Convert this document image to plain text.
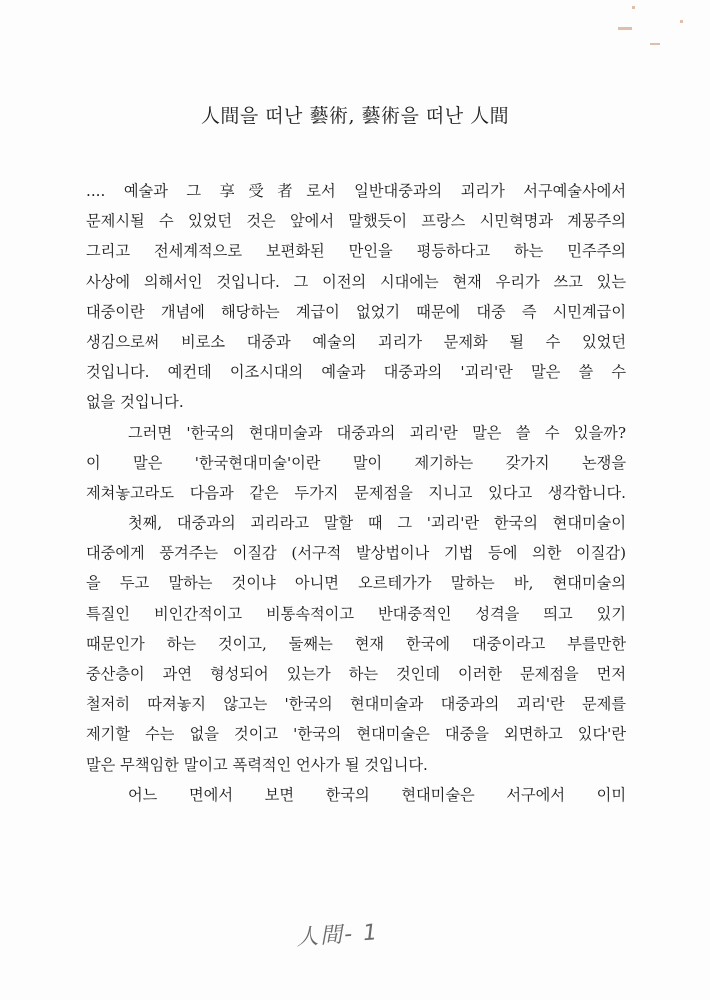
人間을 떠난 藝術, 藝術을 떠난 人間
.... 예술과 그 享受者로서 일반대중과의 괴리가 서구예술사에서
문제시될 수 있었던 것은 앞에서 말했듯이 프랑스 시민혁명과 계몽주의
그리고 전세계적으로 보편화된 만인을 평등하다고 하는 민주주의
사상에 의해서인 것입니다. 그 이전의 시대에는 현재 우리가 쓰고 있는
대중이란 개념에 해당하는 계급이 없었기 때문에 대중 즉 시민계급이
생김으로써 비로소 대중과 예술의 괴리가 문제화 될 수 있었던
것입니다. 예컨데 이조시대의 예술과 대중과의 '괴리'란 말은 쓸 수
없을 것입니다.
그러면 '한국의 현대미술과 대중과의 괴리'란 말은 쓸 수 있을까?
이 말은 '한국현대미술'이란 말이 제기하는 갖가지 논쟁을
제쳐놓고라도 다음과 같은 두가지 문제점을 지니고 있다고 생각합니다.
첫째, 대중과의 괴리라고 말할 때 그 '괴리'란 한국의 현대미술이
대중에게 풍겨주는 이질감 (서구적 발상법이나 기법 등에 의한 이질감)
을 두고 말하는 것이냐 아니면 오르테가가 말하는 바, 현대미술의
특질인 비인간적이고 비통속적이고 반대중적인 성격을 띄고 있기
때문인가 하는 것이고, 둘째는 현재 한국에 대중이라고 부를만한
중산층이 과연 형성되어 있는가 하는 것인데 이러한 문제점을 먼저
철저히 따져놓지 않고는 '한국의 현대미술과 대중과의 괴리'란 문제를
제기할 수는 없을 것이고 '한국의 현대미술은 대중을 외면하고 있다'란
말은 무책임한 말이고 폭력적인 언사가 될 것입니다.
어느 면에서 보면 한국의 현대미술은 서구에서 이미
人間- 1
